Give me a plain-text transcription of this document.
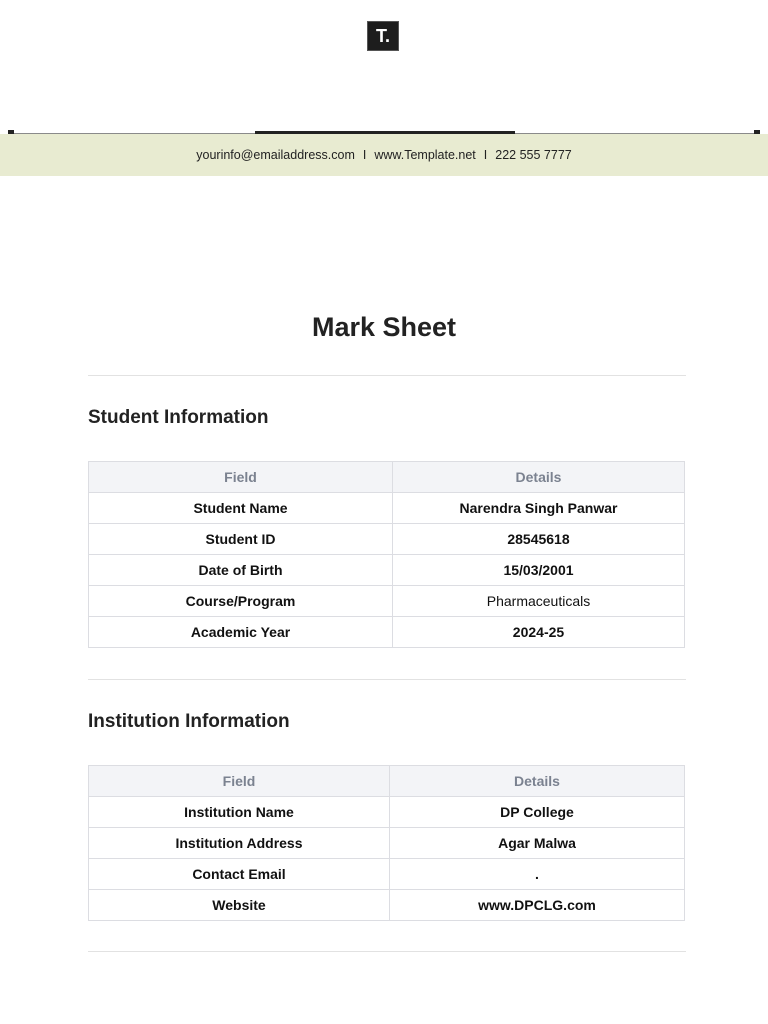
T.
yourinfo@emailaddress.com I www.Template.net I 222 555 7777
Mark Sheet
Student Information
Field	Details
Student Name	Narendra Singh Panwar
Student ID	28545618
Date of Birth	15/03/2001
Course/Program	Pharmaceuticals
Academic Year	2024-25
Institution Information
Field	Details
Institution Name	DP College
Institution Address	Agar Malwa
Contact Email	.
Website	www.DPCLG.com
